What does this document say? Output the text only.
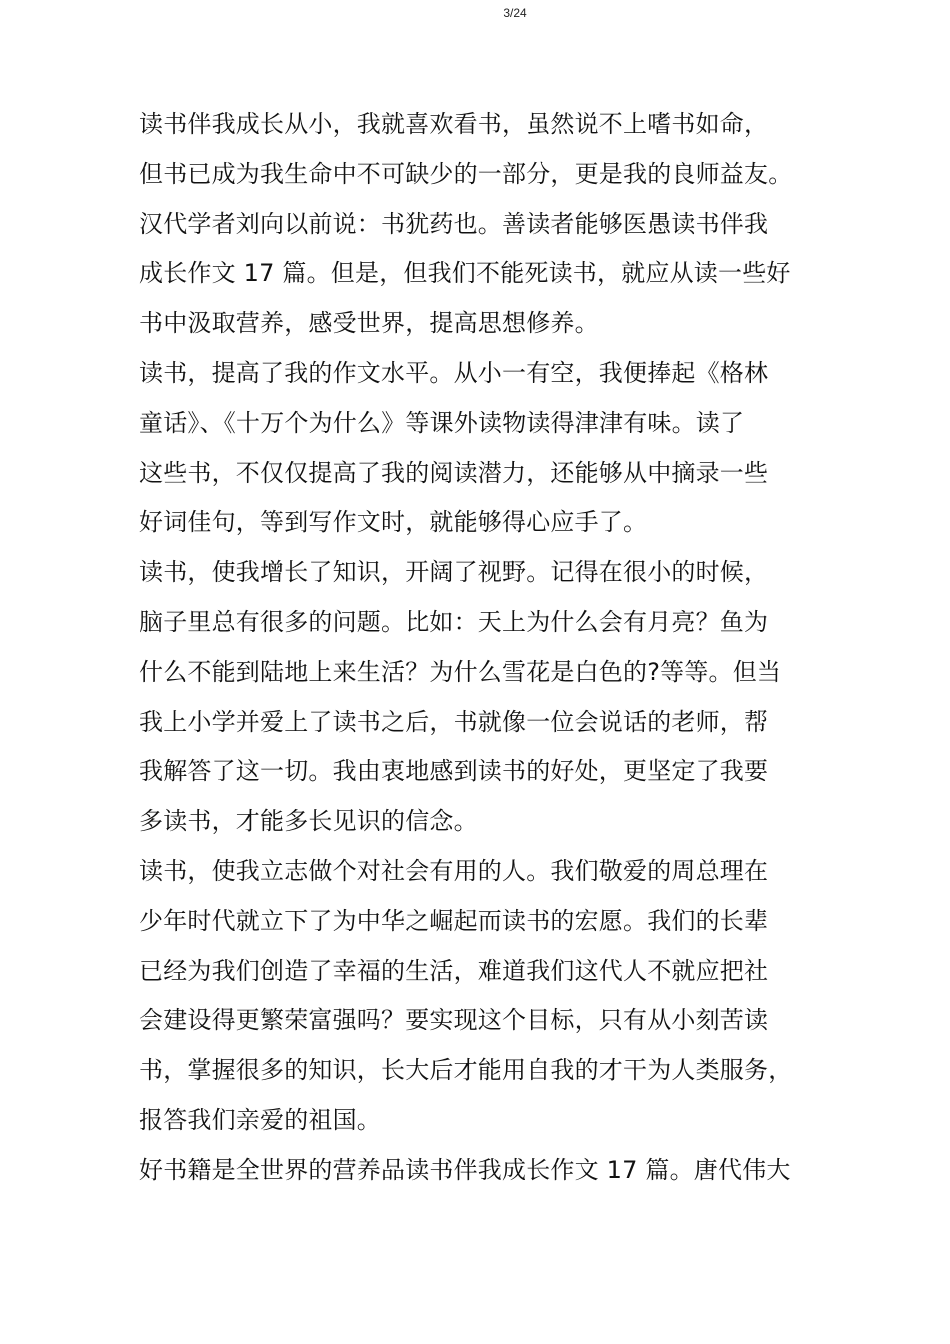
3/24
读书伴我成长从小，我就喜欢看书，虽然说不上嗜书如命，
但书已成为我生命中不可缺少的一部分，更是我的良师益友。
汉代学者刘向以前说：书犹药也。善读者能够医愚读书伴我
成长作文 17 篇。但是，但我们不能死读书，就应从读一些好
书中汲取营养，感受世界，提高思想修养。
读书，提高了我的作文水平。从小一有空，我便捧起《格林
童话》、《十万个为什么》等课外读物读得津津有味。读了
这些书，不仅仅提高了我的阅读潜力，还能够从中摘录一些
好词佳句，等到写作文时，就能够得心应手了。
读书，使我增长了知识，开阔了视野。记得在很小的时候，
脑子里总有很多的问题。比如：天上为什么会有月亮？鱼为
什么不能到陆地上来生活？为什么雪花是白色的?等等。但当
我上小学并爱上了读书之后，书就像一位会说话的老师，帮
我解答了这一切。我由衷地感到读书的好处，更坚定了我要
多读书，才能多长见识的信念。
读书，使我立志做个对社会有用的人。我们敬爱的周总理在
少年时代就立下了为中华之崛起而读书的宏愿。我们的长辈
已经为我们创造了幸福的生活，难道我们这代人不就应把社
会建设得更繁荣富强吗？要实现这个目标，只有从小刻苦读
书，掌握很多的知识，长大后才能用自我的才干为人类服务，
报答我们亲爱的祖国。
好书籍是全世界的营养品读书伴我成长作文 17 篇。唐代伟大
